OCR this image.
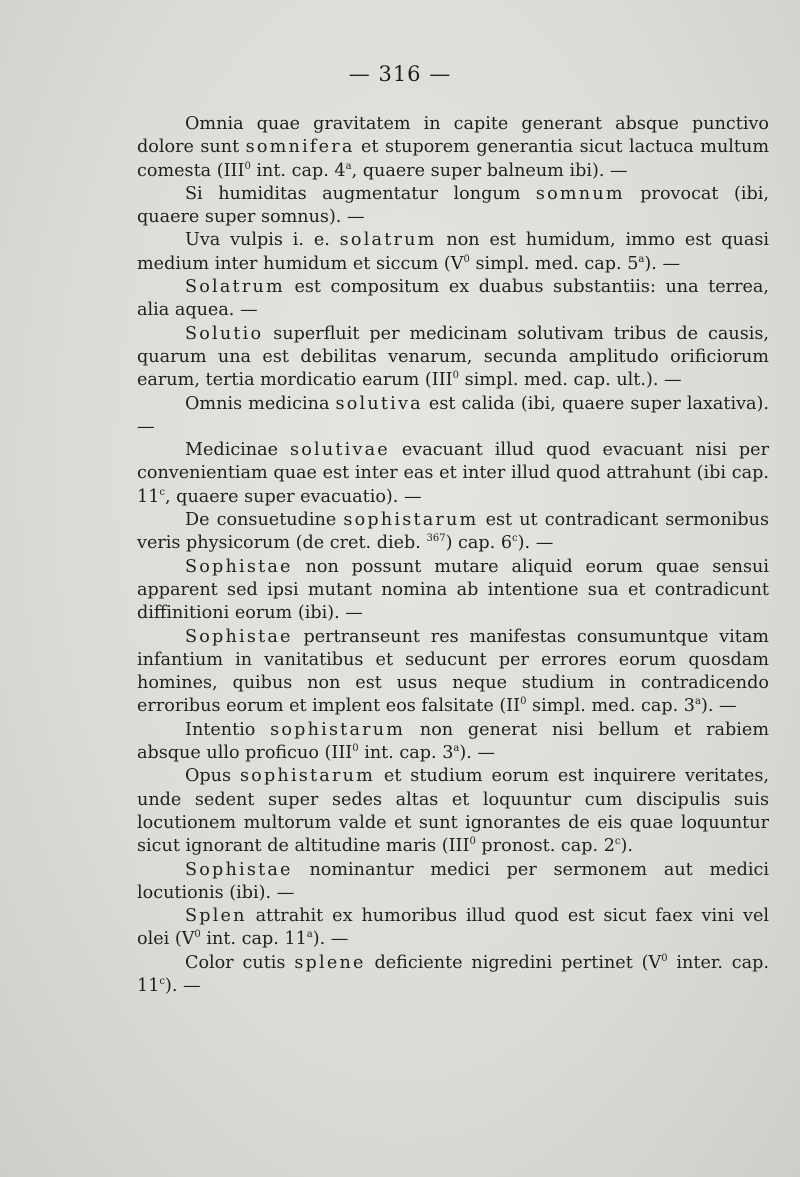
— 316 —

Omnia quae gravitatem in capite generant absque punctivo dolore sunt somnifera et stuporem generantia sicut lactuca multum comesta (III$^0$ int. cap. 4$^a$, quaere super balneum ibi). —

Si humiditas augmentatur longum somnum provocat (ibi, quaere super somnus). —

Uva vulpis i. e. solatrum non est humidum, immo est quasi medium inter humidum et siccum ($V^0$ simpl. med. cap. 5$^a$). —

Solatrum est compositum ex duabus substantiis: una terrea, alia aquea. —

Solutio superfluit per medicinam solutivam tribus de causis, quarum una est debilitas venarum, secunda amplitudo orificiorum earum, tertia mordicatio earum (III$^0$ simpl. med. cap. ult.). —

Omnis medicina solutiva est calida (ibi, quaere super laxativa). —

Medicinae solutivae evacuant illud quod evacuant nisi per convenientiam quae est inter eas et inter illud quod attrahunt (ibi cap. 11$^c$, quaere super evacuatio). —

De consuetudine sophistarum est ut contradicant sermonibus veris physicorum (de cret. dieb. $^{367}$) cap. 6$^c$). —

Sophistae non possunt mutare aliquid eorum quae sensui apparent sed ipsi mutant nomina ab intentione sua et contradicunt diffinitioni eorum (ibi). —

Sophistae pertranseunt res manifestas consumuntque vitam infantium in vanitatibus et seducunt per errores eorum quosdam homines, quibus non est usus neque studium in contradicendo erroribus eorum et implent eos falsitate ($II^0$ simpl. med. cap. 3$^a$). —

Intentio sophistarum non generat nisi bellum et rabiem absque ullo proficuo (III$^0$ int. cap. 3$^a$). —

Opus sophistarum et studium eorum est inquirere veritates, unde sedent super sedes altas et loquuntur cum discipulis suis locutionem multorum valde et sunt ignorantes de eis quae loquuntur sicut ignorant de altitudine maris (III$^0$ pronost. cap. 2$^c$).

Sophistae nominantur medici per sermonem aut medici locutionis (ibi). —

Splen attrahit ex humoribus illud quod est sicut faex vini vel olei ($V^0$ int. cap. 11$^a$). —

Color cutis splene deficiente nigredini pertinet ($V^0$ inter. cap. 11$^c$). —
